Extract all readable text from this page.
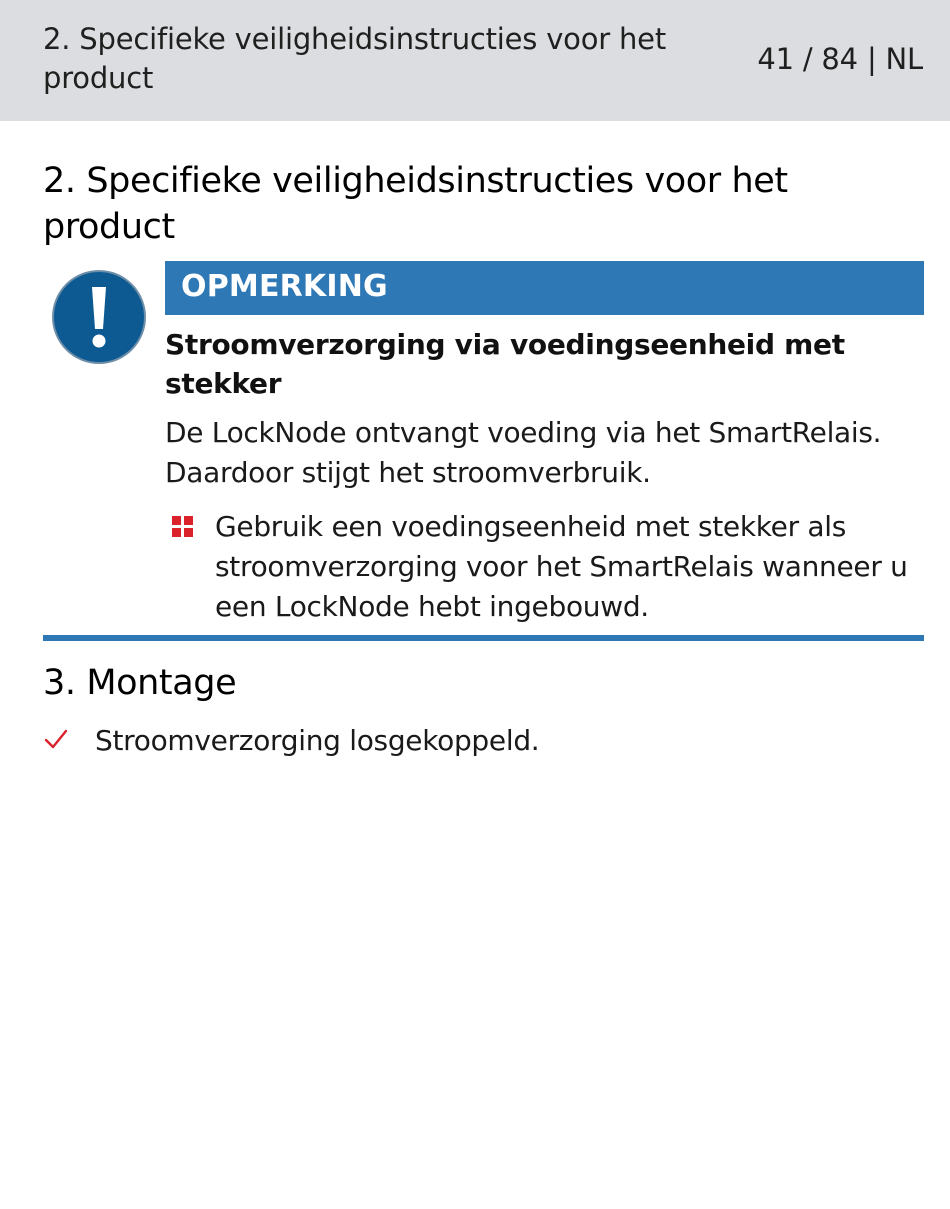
2. Specifieke veiligheidsinstructies voor het product
41 / 84 | NL
2. Specifieke veiligheidsinstructies voor het product
OPMERKING
Stroomverzorging via voedingseenheid met stekker
De LockNode ontvangt voeding via het SmartRelais. Daardoor stijgt het stroomverbruik.
Gebruik een voedingseenheid met stekker als stroomverzorging voor het SmartRelais wanneer u een LockNode hebt ingebouwd.
3. Montage
Stroomverzorging losgekoppeld.
